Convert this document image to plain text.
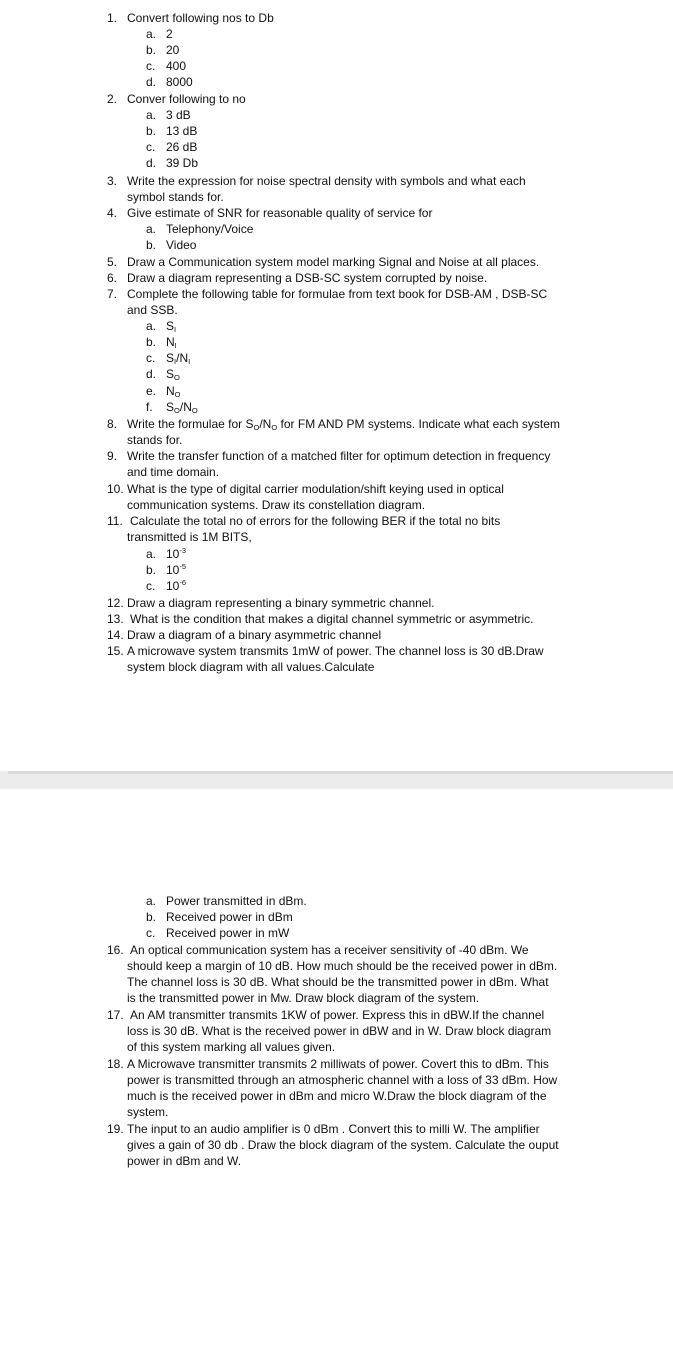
1. Convert following nos to Db
a. 2
b. 20
c. 400
d. 8000
2. Conver following to no
a. 3 dB
b. 13 dB
c. 26 dB
d. 39 Db
3. Write the expression for noise spectral density with symbols and what each
symbol stands for.
4. Give estimate of SNR for reasonable quality of service for
a. Telephony/Voice
b. Video
5. Draw a Communication system model marking Signal and Noise at all places.
6. Draw a diagram representing a DSB-SC system corrupted by noise.
7. Complete the following table for formulae from text book for DSB-AM , DSB-SC
and SSB.
a. $S_I$
b. $N_I$
c. $S_I/N_I$
d. $S_O$
e. $N_O$
f. $S_O/N_O$
8. Write the formulae for $S_O/N_O$ for FM AND PM systems. Indicate what each system
stands for.
9. Write the transfer function of a matched filter for optimum detection in frequency
and time domain.
10. What is the type of digital carrier modulation/shift keying used in optical
communication systems. Draw its constellation diagram.
11. Calculate the total no of errors for the following BER if the total no bits
transmitted is 1M BITS,
a. $10^{-3}$
b. $10^{-5}$
c. $10^{-6}$
12. Draw a diagram representing a binary symmetric channel.
13. What is the condition that makes a digital channel symmetric or asymmetric.
14. Draw a diagram of a binary asymmetric channel
15. A microwave system transmits 1mW of power. The channel loss is 30 dB.Draw
system block diagram with all values.Calculate
a. Power transmitted in dBm.
b. Received power in dBm
c. Received power in mW
16. An optical communication system has a receiver sensitivity of -40 dBm. We
should keep a margin of 10 dB. How much should be the received power in dBm.
The channel loss is 30 dB. What should be the transmitted power in dBm. What
is the transmitted power in Mw. Draw block diagram of the system.
17. An AM transmitter transmits 1KW of power. Express this in dBW.If the channel
loss is 30 dB. What is the received power in dBW and in W. Draw block diagram
of this system marking all values given.
18. A Microwave transmitter transmits 2 milliwats of power. Covert this to dBm. This
power is transmitted through an atmospheric channel with a loss of 33 dBm. How
much is the received power in dBm and micro W.Draw the block diagram of the
system.
19. The input to an audio amplifier is 0 dBm . Convert this to milli W. The amplifier
gives a gain of 30 db . Draw the block diagram of the system. Calculate the ouput
power in dBm and W.
